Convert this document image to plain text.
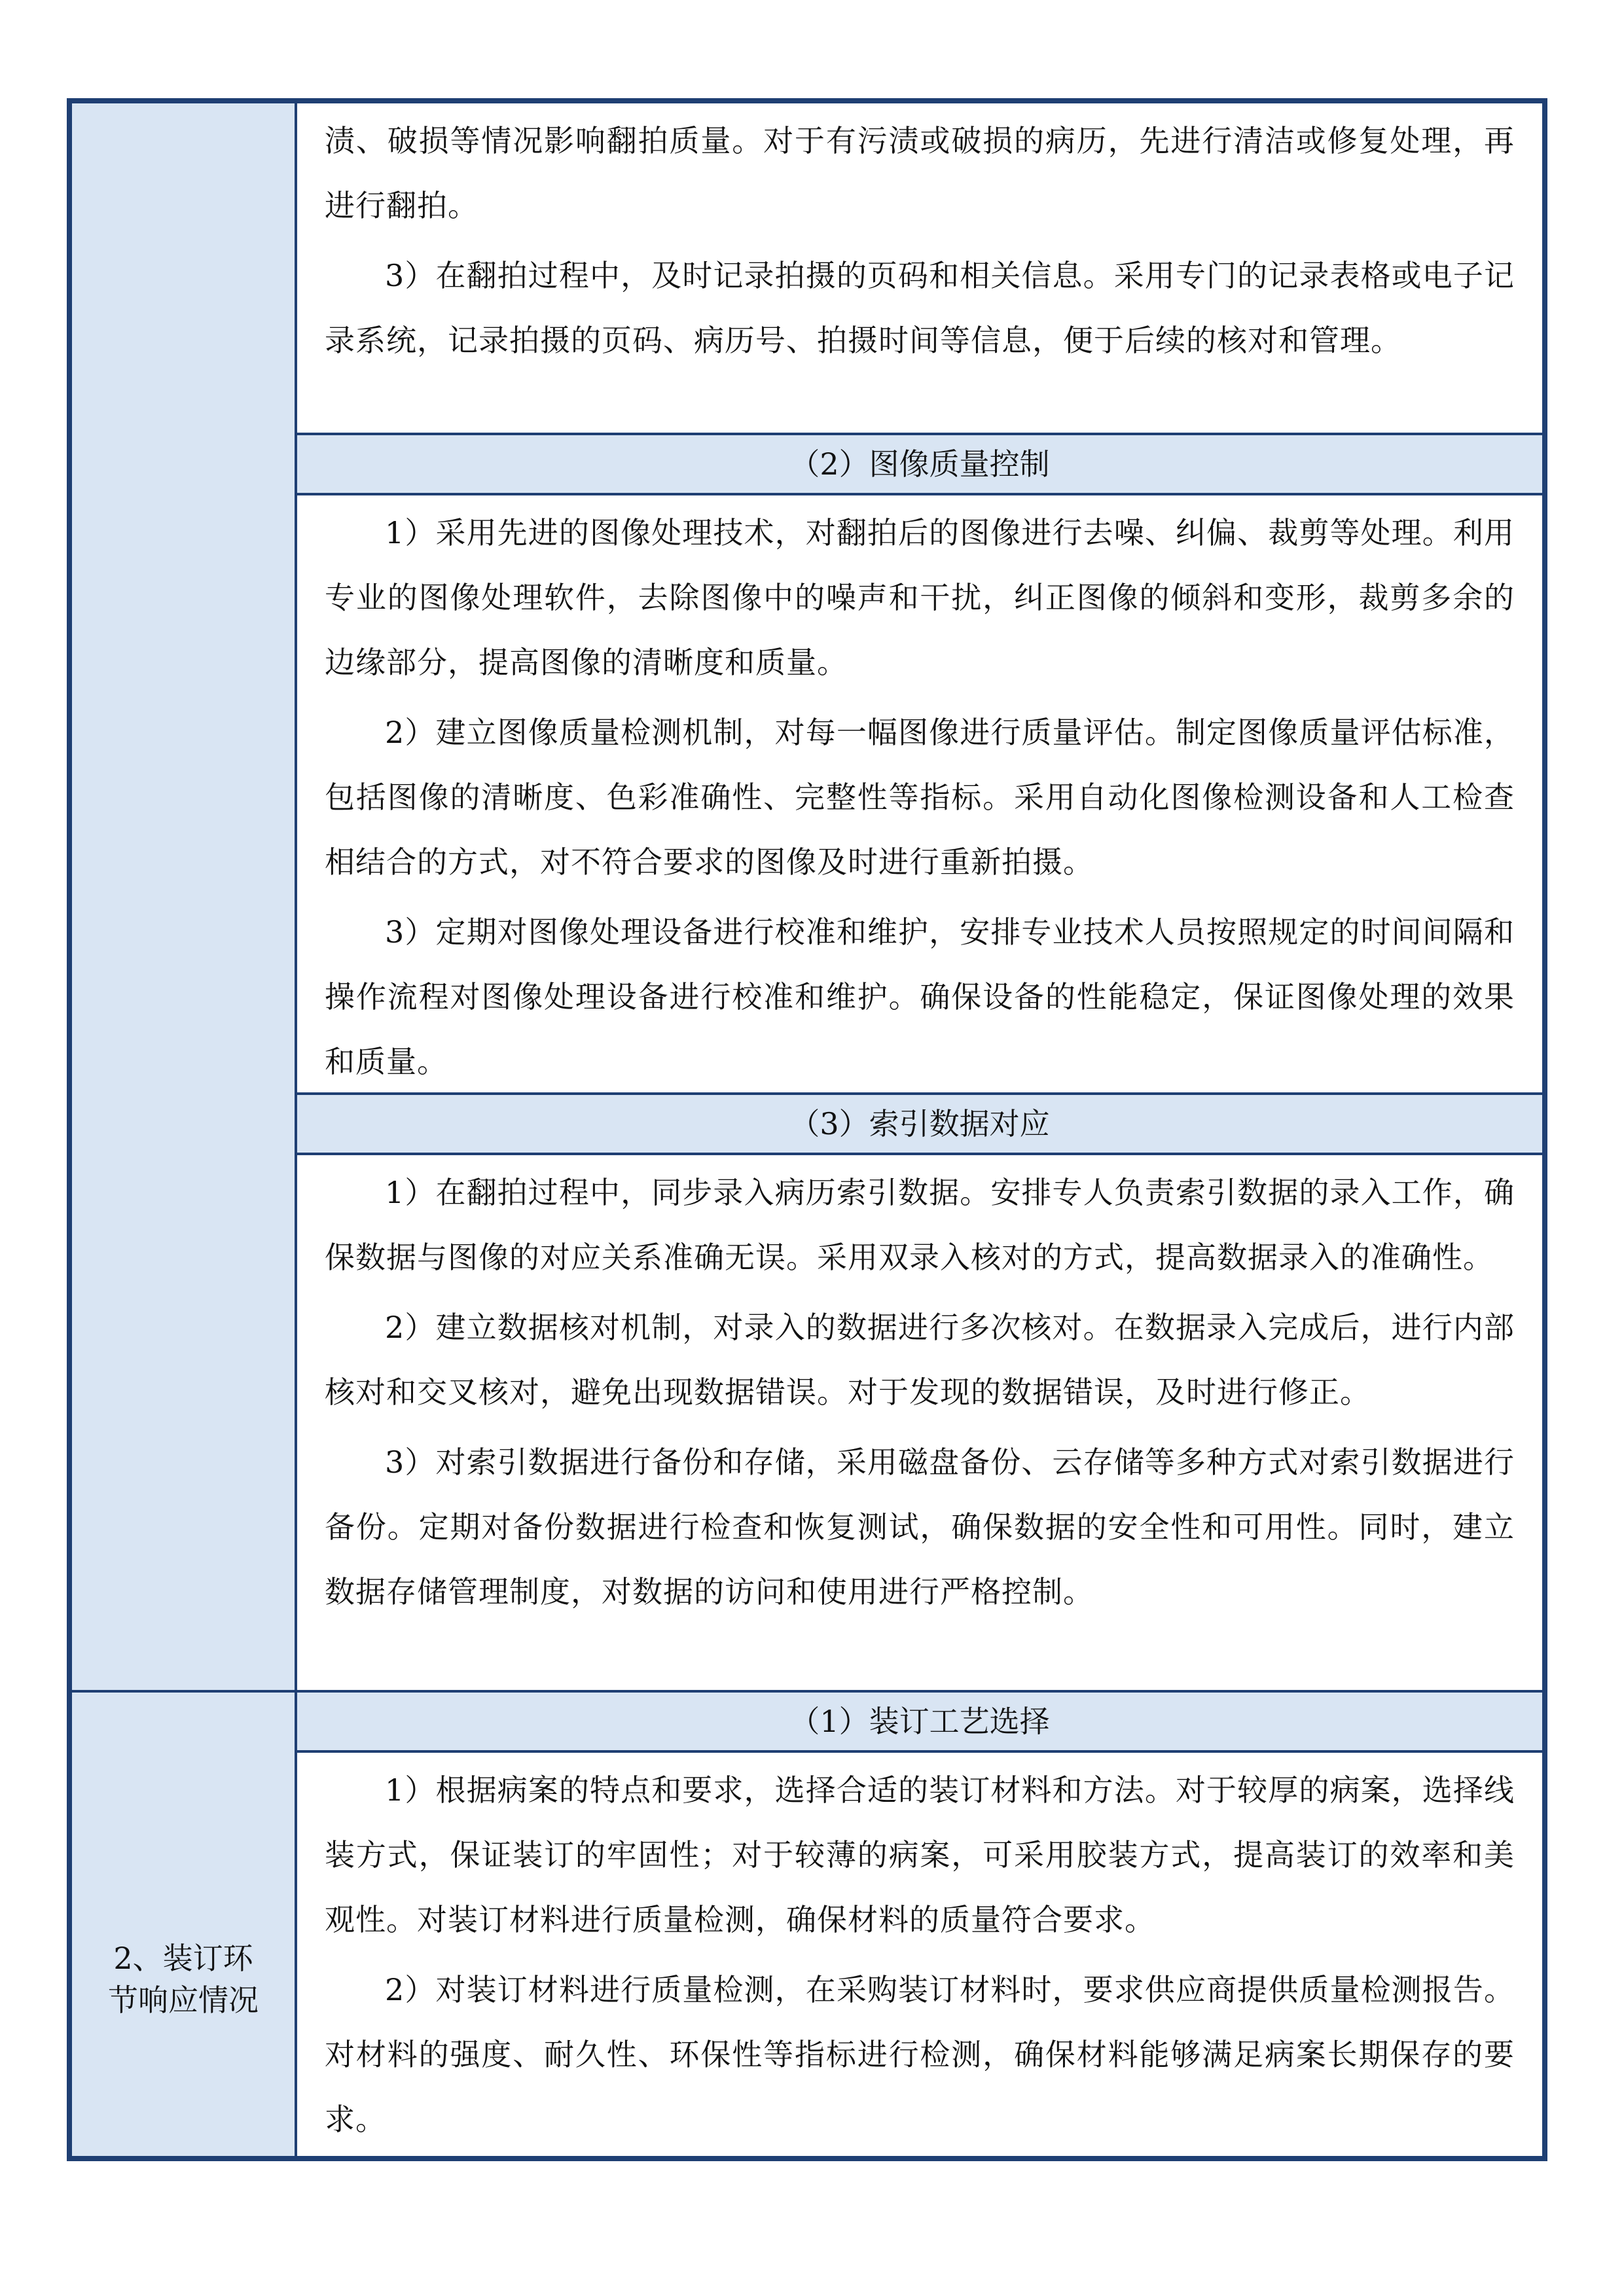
2、装订环
节响应情况

渍、破损等情况影响翻拍质量。对于有污渍或破损的病历，先进行清洁或修复处理，再进行翻拍。

3）在翻拍过程中，及时记录拍摄的页码和相关信息。采用专门的记录表格或电子记录系统，记录拍摄的页码、病历号、拍摄时间等信息，便于后续的核对和管理。

（2）图像质量控制

1）采用先进的图像处理技术，对翻拍后的图像进行去噪、纠偏、裁剪等处理。利用专业的图像处理软件，去除图像中的噪声和干扰，纠正图像的倾斜和变形，裁剪多余的边缘部分，提高图像的清晰度和质量。

2）建立图像质量检测机制，对每一幅图像进行质量评估。制定图像质量评估标准，包括图像的清晰度、色彩准确性、完整性等指标。采用自动化图像检测设备和人工检查相结合的方式，对不符合要求的图像及时进行重新拍摄。

3）定期对图像处理设备进行校准和维护，安排专业技术人员按照规定的时间间隔和操作流程对图像处理设备进行校准和维护。确保设备的性能稳定，保证图像处理的效果和质量。

（3）索引数据对应

1）在翻拍过程中，同步录入病历索引数据。安排专人负责索引数据的录入工作，确保数据与图像的对应关系准确无误。采用双录入核对的方式，提高数据录入的准确性。

2）建立数据核对机制，对录入的数据进行多次核对。在数据录入完成后，进行内部核对和交叉核对，避免出现数据错误。对于发现的数据错误，及时进行修正。

3）对索引数据进行备份和存储，采用磁盘备份、云存储等多种方式对索引数据进行备份。定期对备份数据进行检查和恢复测试，确保数据的安全性和可用性。同时，建立数据存储管理制度，对数据的访问和使用进行严格控制。

（1）装订工艺选择

1）根据病案的特点和要求，选择合适的装订材料和方法。对于较厚的病案，选择线装方式，保证装订的牢固性；对于较薄的病案，可采用胶装方式，提高装订的效率和美观性。对装订材料进行质量检测，确保材料的质量符合要求。

2）对装订材料进行质量检测，在采购装订材料时，要求供应商提供质量检测报告。对材料的强度、耐久性、环保性等指标进行检测，确保材料能够满足病案长期保存的要求。
